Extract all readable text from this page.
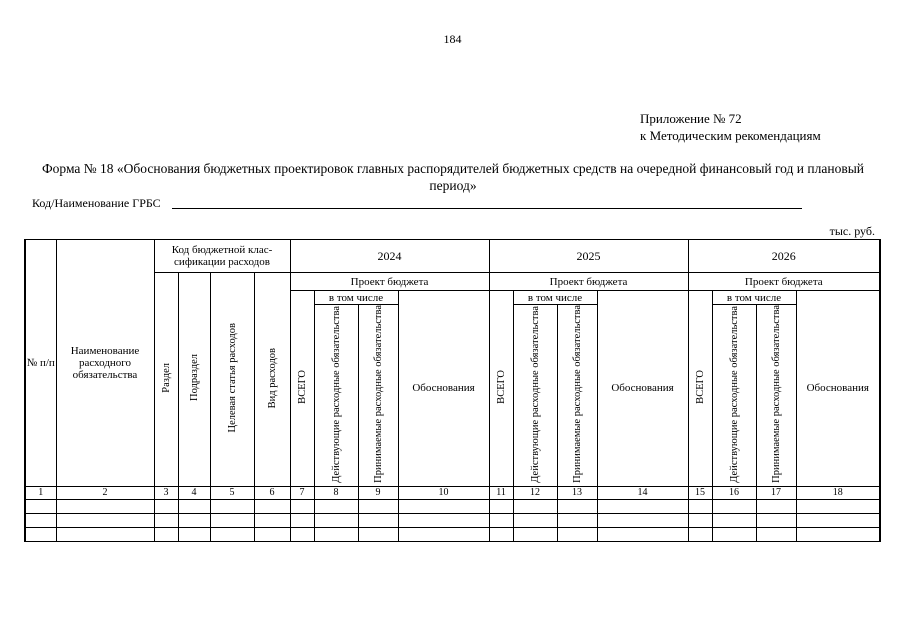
184
Приложение № 72
к Методическим рекомендациям
Форма № 18 «Обоснования бюджетных проектировок главных распорядителей бюджетных средств на очередной финансовый год и плановый период»
Код/Наименование ГРБС
тыс. руб.
№ п/п	Наименование расходного обязательства	Код бюджетной клас-сификации расходов				2024				2025				2026			
		Раздел	Подраздел	Целевая статья расходов	Вид расходов	Проект бюджета				Проект бюджета				Проект бюджета			
						ВСЕГО	в том числе		Обоснования	ВСЕГО	в том числе		Обоснования	ВСЕГО	в том числе		Обоснования
							Действующие расходные обязательства	Принимаемые расходные обязательства			Действующие расходные обязательства	Принимаемые расходные обязательства			Действующие расходные обязательства	Принимаемые расходные обязательства	
1	2	3	4	5	6	7	8	9	10	11	12	13	14	15	16	17	18
